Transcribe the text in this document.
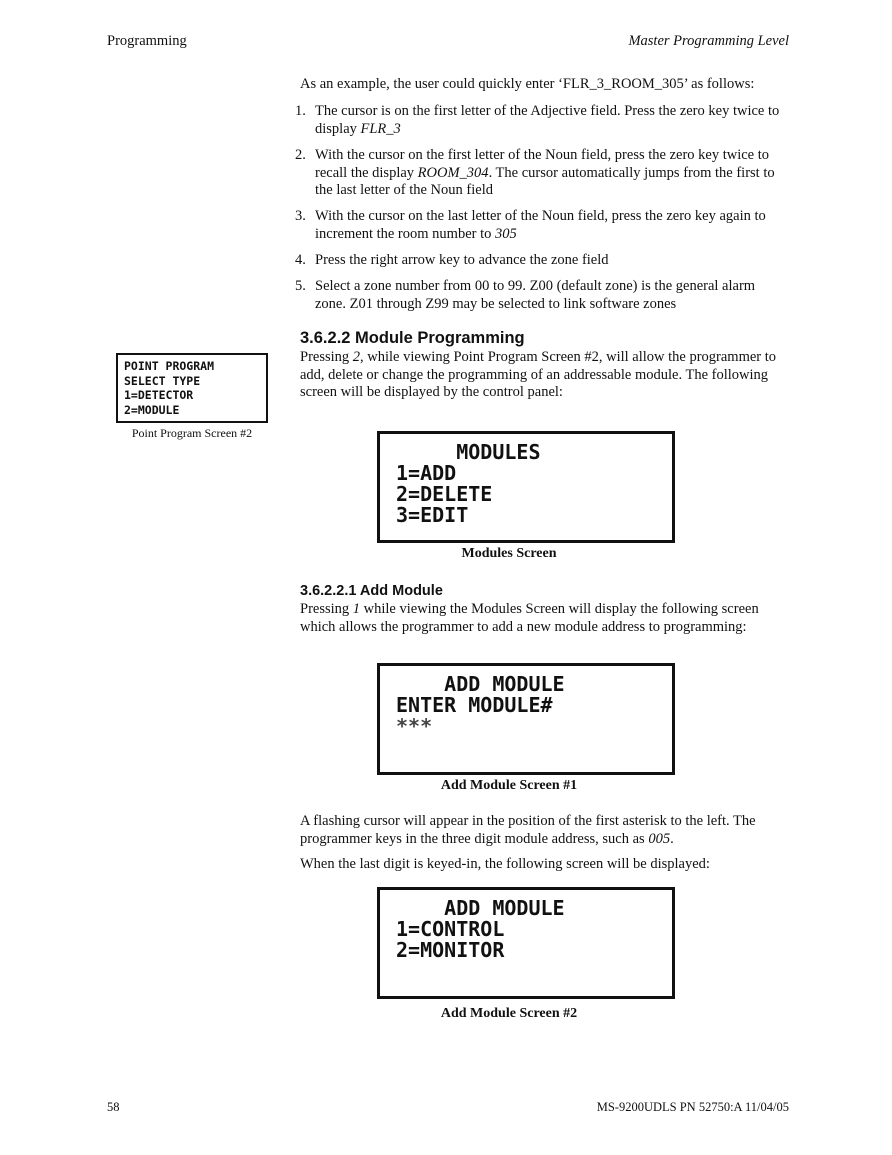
Programming	Master Programming Level

As an example, the user could quickly enter ‘FLR_3_ROOM_305’ as follows:

1. The cursor is on the first letter of the Adjective field. Press the zero key twice to display FLR_3
2. With the cursor on the first letter of the Noun field, press the zero key twice to recall the display ROOM_304. The cursor automatically jumps from the first to the last letter of the Noun field
3. With the cursor on the last letter of the Noun field, press the zero key again to increment the room number to 305
4. Press the right arrow key to advance the zone field
5. Select a zone number from 00 to 99. Z00 (default zone) is the general alarm zone. Z01 through Z99 may be selected to link software zones
3.6.2.2 Module Programming

Pressing 2, while viewing Point Program Screen #2, will allow the programmer to add, delete or change the programming of an addressable module. The following screen will be displayed by the control panel:

POINT PROGRAM
SELECT TYPE
1=DETECTOR
2=MODULE
Point Program Screen #2
MODULES
1=ADD
2=DELETE
3=EDIT
Modules Screen
3.6.2.2.1 Add Module

Pressing 1 while viewing the Modules Screen will display the following screen which allows the programmer to add a new module address to programming:

ADD MODULE
ENTER MODULE#
***
Add Module Screen #1

A flashing cursor will appear in the position of the first asterisk to the left. The programmer keys in the three digit module address, such as 005.

When the last digit is keyed-in, the following screen will be displayed:

ADD MODULE
1=CONTROL
2=MONITOR
Add Module Screen #2
58	MS-9200UDLS PN 52750:A 11/04/05
